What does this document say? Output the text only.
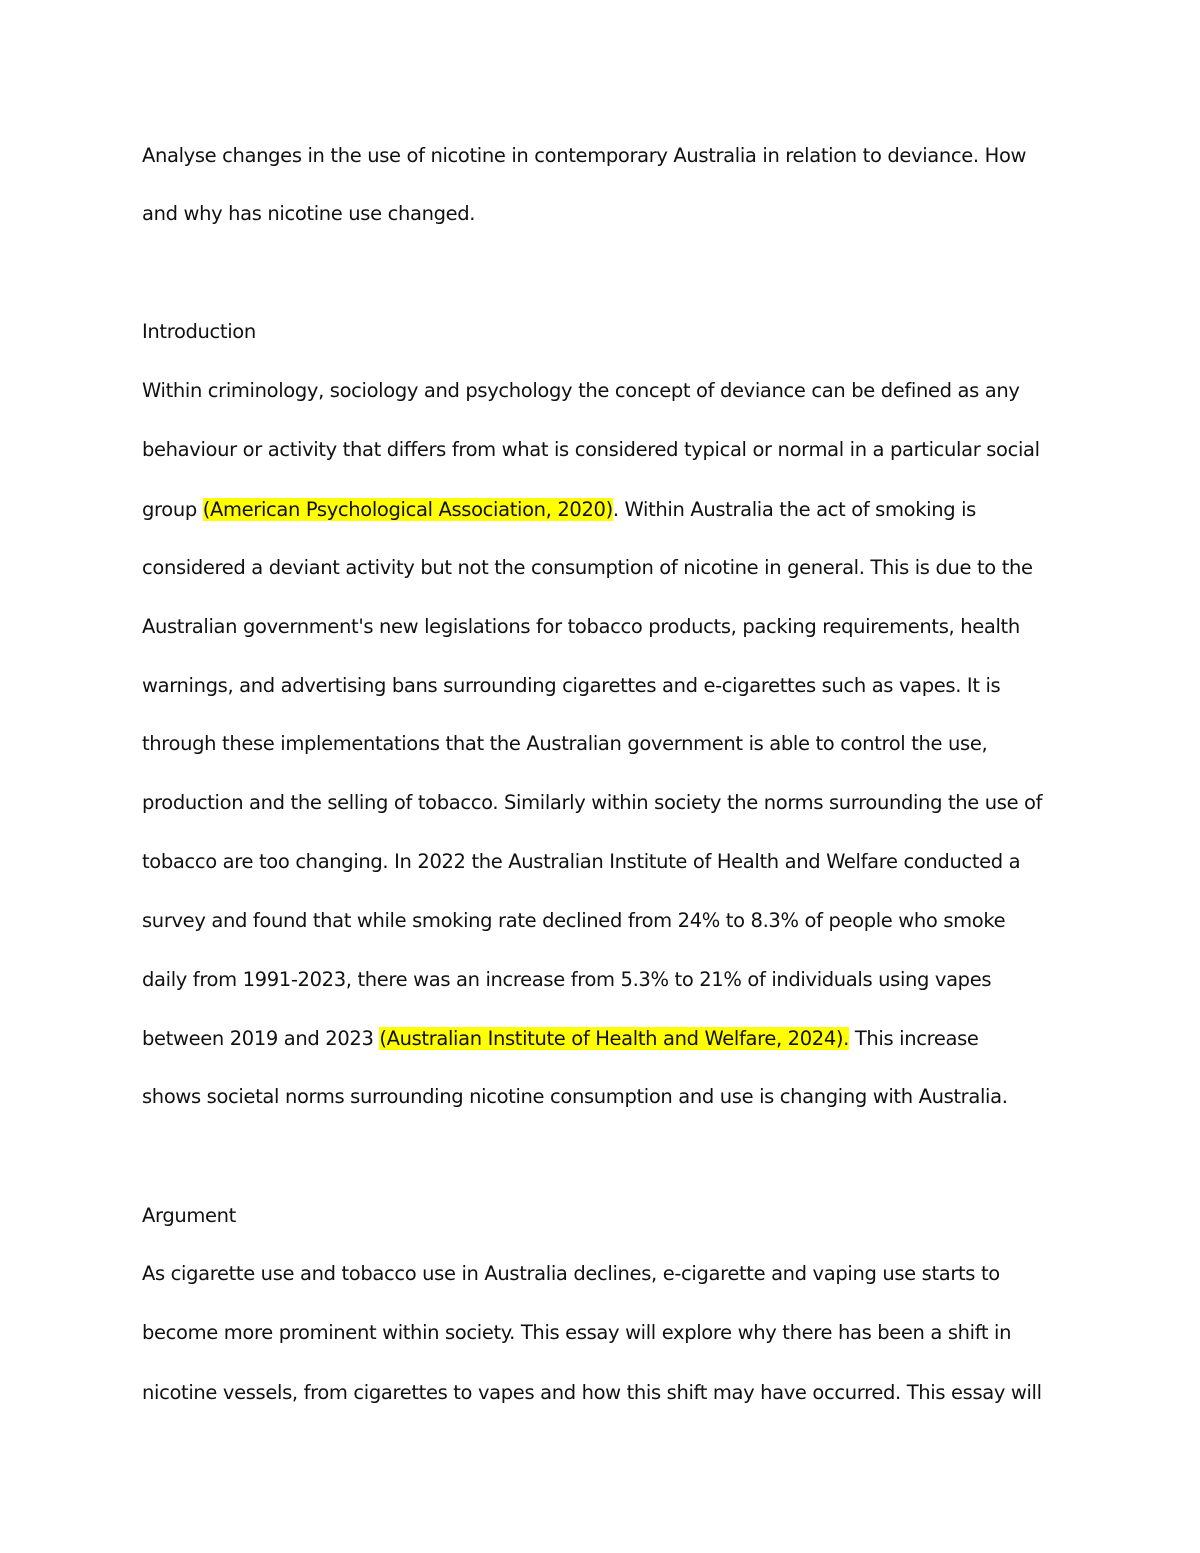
Analyse changes in the use of nicotine in contemporary Australia in relation to deviance. How
and why has nicotine use changed.
Introduction
Within criminology, sociology and psychology the concept of deviance can be defined as any
behaviour or activity that differs from what is considered typical or normal in a particular social
group (American Psychological Association, 2020). Within Australia the act of smoking is
considered a deviant activity but not the consumption of nicotine in general. This is due to the
Australian government's new legislations for tobacco products, packing requirements, health
warnings, and advertising bans surrounding cigarettes and e-cigarettes such as vapes. It is
through these implementations that the Australian government is able to control the use,
production and the selling of tobacco. Similarly within society the norms surrounding the use of
tobacco are too changing. In 2022 the Australian Institute of Health and Welfare conducted a
survey and found that while smoking rate declined from 24% to 8.3% of people who smoke
daily from 1991-2023, there was an increase from 5.3% to 21% of individuals using vapes
between 2019 and 2023 (Australian Institute of Health and Welfare, 2024). This increase
shows societal norms surrounding nicotine consumption and use is changing with Australia.
Argument
As cigarette use and tobacco use in Australia declines, e-cigarette and vaping use starts to
become more prominent within society. This essay will explore why there has been a shift in
nicotine vessels, from cigarettes to vapes and how this shift may have occurred. This essay will
